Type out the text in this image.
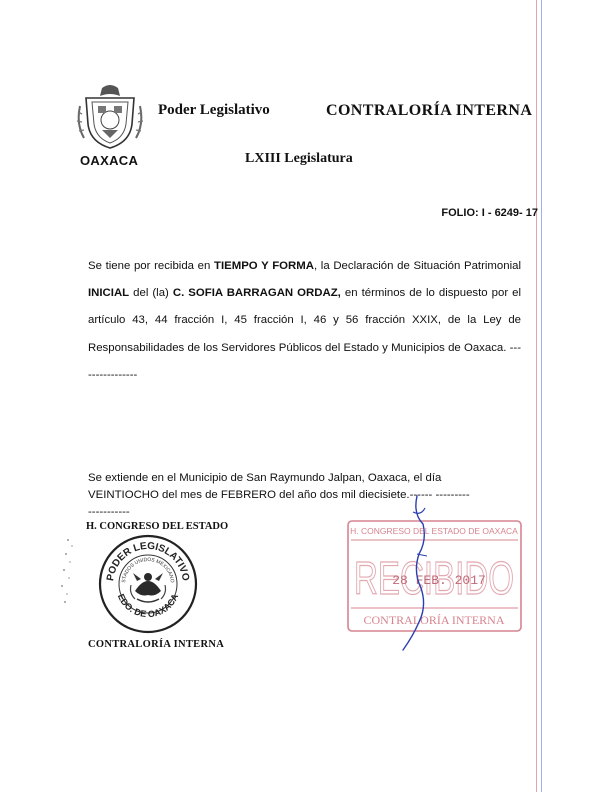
OAXACA
Poder Legislativo	CONTRALORÍA INTERNA
LXIII Legislatura
FOLIO: I - 6249- 17
Se tiene por recibida en TIEMPO Y FORMA, la Declaración de Situación Patrimonial INICIAL del (la) C. SOFIA BARRAGAN ORDAZ, en términos de lo dispuesto por el artículo 43, 44 fracción I, 45 fracción I, 46 y 56 fracción XXIX, de la Ley de Responsabilidades de los Servidores Públicos del Estado y Municipios de Oaxaca. ----------------
Se extiende en el Municipio de San Raymundo Jalpan, Oaxaca, el día
VEINTIOCHO del mes de FEBRERO del año dos mil diecisiete.------ ---------
-----------
H. CONGRESO DEL ESTADO
PODER LEGISLATIVO
EDO. DE OAXACA
STADOS UNIDOS MEXICANO
CONTRALORÍA INTERNA
H. CONGRESO DEL ESTADO DE OAXACA
RECIBIDO
28 FEB. 2017
CONTRALORÍA INTERNA
